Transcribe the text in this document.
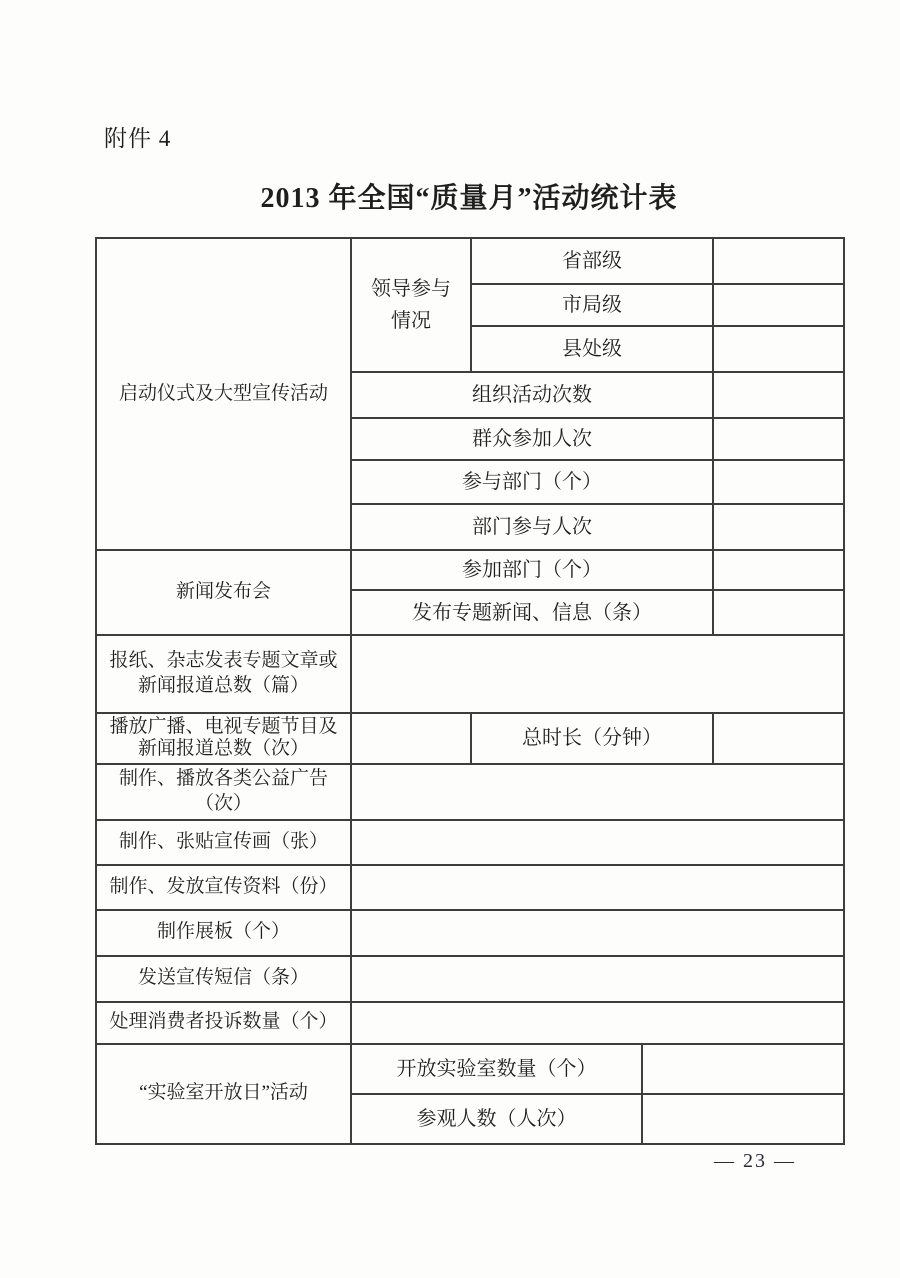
附件 4
2013 年全国“质量月”活动统计表
启动仪式及大型宣传活动	领导参与情况	省部级		
		市局级		
		县处级		
	组织活动次数			
	群众参加人次			
	参与部门（个）			
	部门参与人次			
新闻发布会	参加部门（个）			
	发布专题新闻、信息（条）			
报纸、杂志发表专题文章或新闻报道总数（篇）				
播放广播、电视专题节目及新闻报道总数（次）		总时长（分钟）		
制作、播放各类公益广告（次）				
制作、张贴宣传画（张）				
制作、发放宣传资料（份）				
制作展板（个）				
发送宣传短信（条）				
处理消费者投诉数量（个）				
“实验室开放日”活动	开放实验室数量（个）			
	参观人数（人次）			
— 23 —
